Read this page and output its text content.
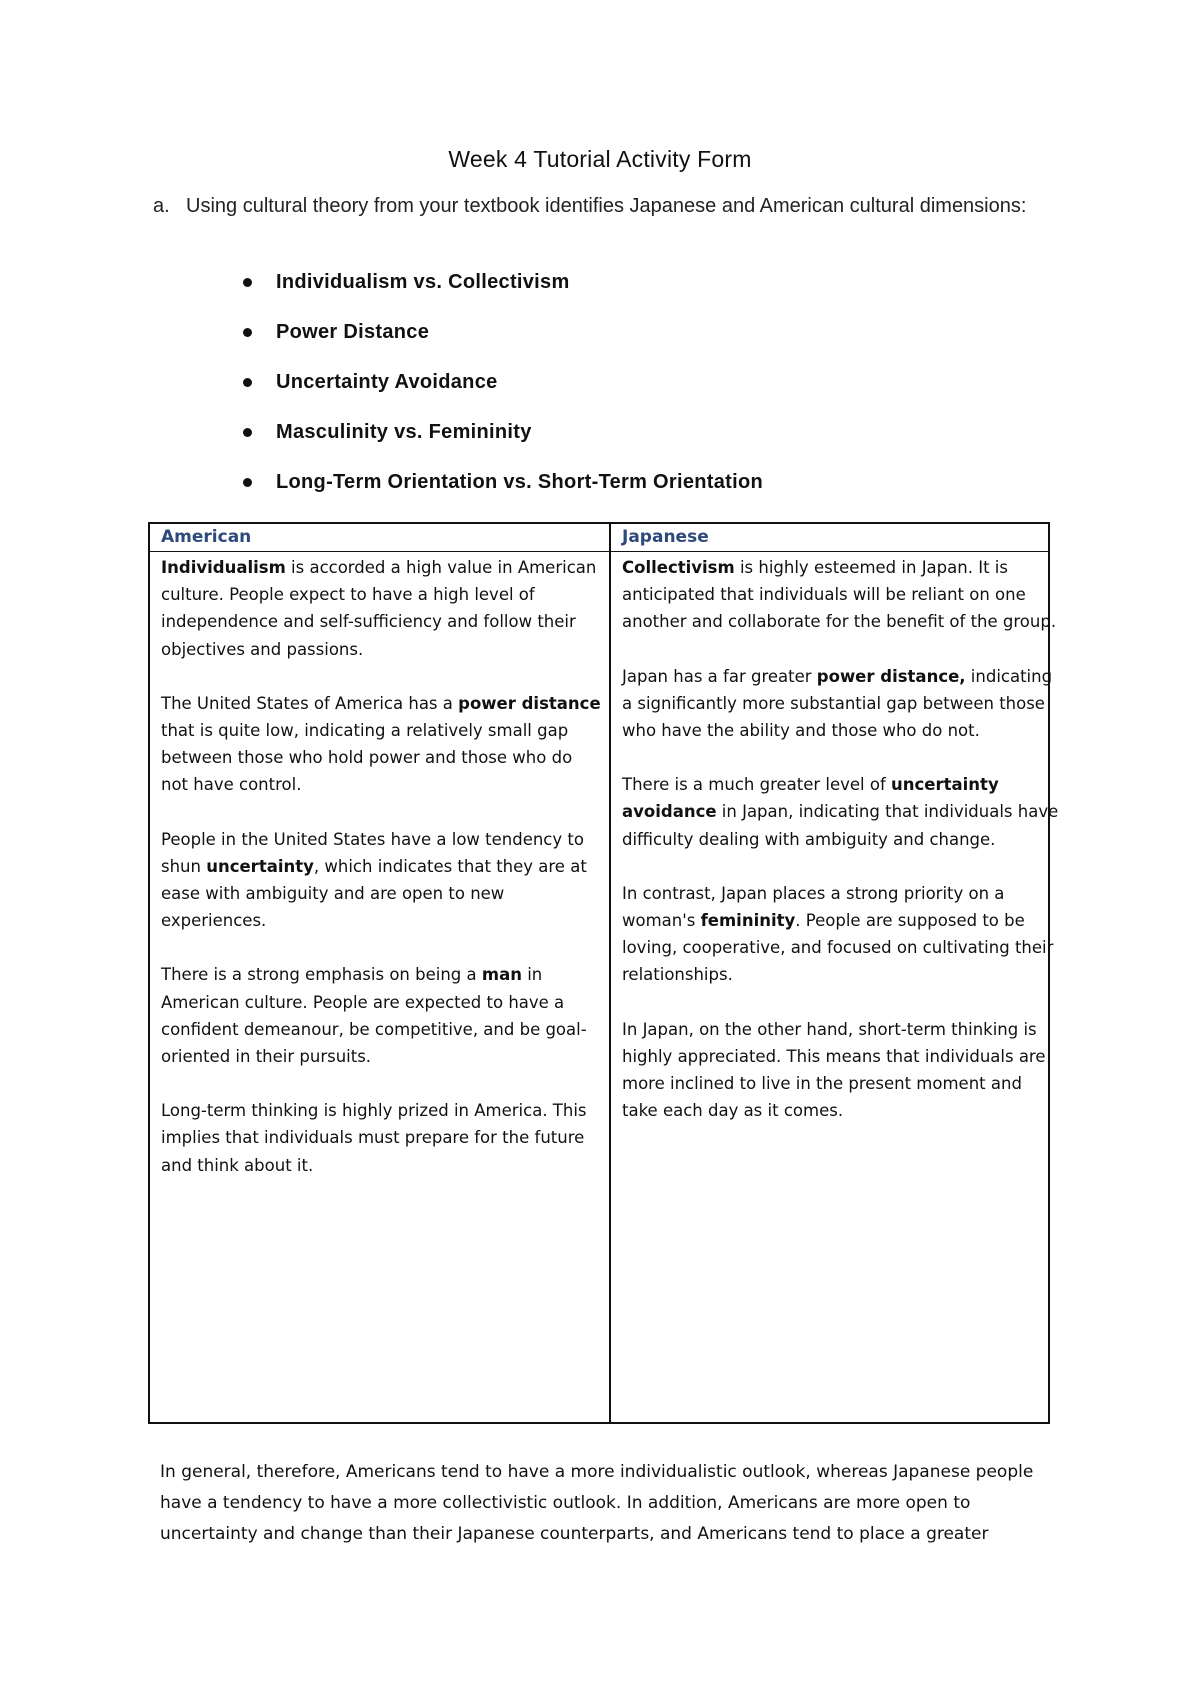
Week 4 Tutorial Activity Form
a. Using cultural theory from your textbook identifies Japanese and American cultural dimensions:
Individualism vs. Collectivism
Power Distance
Uncertainty Avoidance
Masculinity vs. Femininity
Long-Term Orientation vs. Short-Term Orientation
American	Japanese

Individualism is accorded a high value in American culture. People expect to have a high level of independence and self-sufficiency and follow their objectives and passions.

The United States of America has a power distance that is quite low, indicating a relatively small gap between those who hold power and those who do not have control.

People in the United States have a low tendency to shun uncertainty, which indicates that they are at ease with ambiguity and are open to new experiences.

There is a strong emphasis on being a man in American culture. People are expected to have a confident demeanour, be competitive, and be goal-oriented in their pursuits.

Long-term thinking is highly prized in America. This implies that individuals must prepare for the future and think about it.

Collectivism is highly esteemed in Japan. It is anticipated that individuals will be reliant on one another and collaborate for the benefit of the group.

Japan has a far greater power distance, indicating a significantly more substantial gap between those who have the ability and those who do not.

There is a much greater level of uncertainty avoidance in Japan, indicating that individuals have difficulty dealing with ambiguity and change.

In contrast, Japan places a strong priority on a woman's femininity. People are supposed to be loving, cooperative, and focused on cultivating their relationships.

In Japan, on the other hand, short-term thinking is highly appreciated. This means that individuals are more inclined to live in the present moment and take each day as it comes.

In general, therefore, Americans tend to have a more individualistic outlook, whereas Japanese people have a tendency to have a more collectivistic outlook. In addition, Americans are more open to uncertainty and change than their Japanese counterparts, and Americans tend to place a greater
